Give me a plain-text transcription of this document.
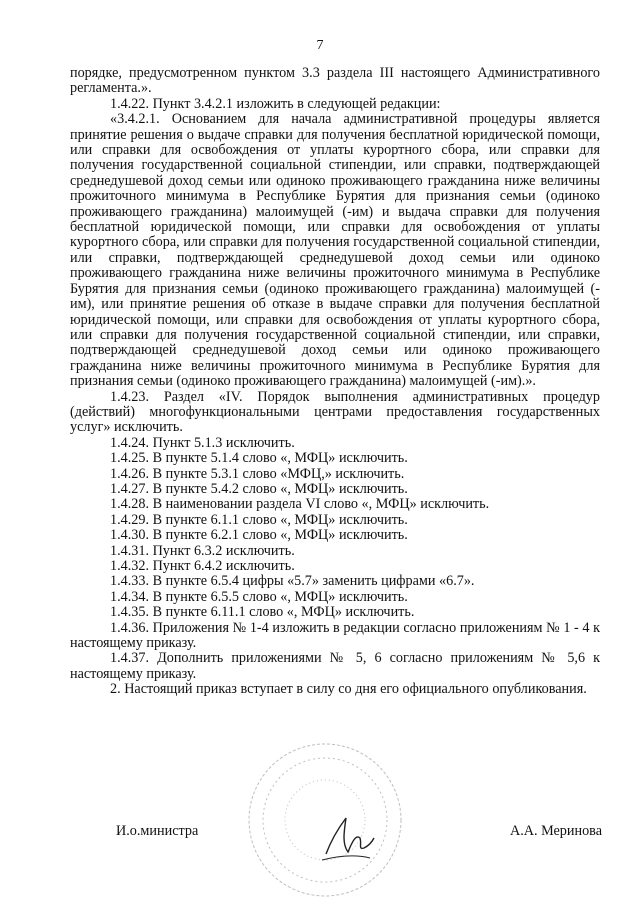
7

порядке, предусмотренном пунктом 3.3 раздела III настоящего Административного регламента.».

1.4.22. Пункт 3.4.2.1 изложить в следующей редакции:

«3.4.2.1. Основанием для начала административной процедуры является принятие решения о выдаче справки для получения бесплатной юридической помощи, или справки для освобождения от уплаты курортного сбора, или справки для получения государственной социальной стипендии, или справки, подтверждающей среднедушевой доход семьи или одиноко проживающего гражданина ниже величины прожиточного минимума в Республике Бурятия для признания семьи (одиноко проживающего гражданина) малоимущей (-им) и выдача справки для получения бесплатной юридической помощи, или справки для освобождения от уплаты курортного сбора, или справки для получения государственной социальной стипендии, или справки, подтверждающей среднедушевой доход семьи или одиноко проживающего гражданина ниже величины прожиточного минимума в Республике Бурятия для признания семьи (одиноко проживающего гражданина) малоимущей (-им), или принятие решения об отказе в выдаче справки для получения бесплатной юридической помощи, или справки для освобождения от уплаты курортного сбора, или справки для получения государственной социальной стипендии, или справки, подтверждающей среднедушевой доход семьи или одиноко проживающего гражданина ниже величины прожиточного минимума в Республике Бурятия для признания семьи (одиноко проживающего гражданина) малоимущей (-им).».

1.4.23. Раздел «IV. Порядок выполнения административных процедур (действий) многофункциональными центрами предоставления государственных услуг» исключить.

1.4.24. Пункт 5.1.3 исключить.

1.4.25. В пункте 5.1.4 слово «, МФЦ» исключить.

1.4.26. В пункте 5.3.1 слово «МФЦ,» исключить.

1.4.27. В пункте 5.4.2 слово «, МФЦ» исключить.

1.4.28. В наименовании раздела VI слово «, МФЦ» исключить.

1.4.29. В пункте 6.1.1 слово «, МФЦ» исключить.

1.4.30. В пункте 6.2.1 слово «, МФЦ» исключить.

1.4.31. Пункт 6.3.2 исключить.

1.4.32. Пункт 6.4.2 исключить.

1.4.33. В пункте 6.5.4 цифры «5.7» заменить цифрами «6.7».

1.4.34. В пункте 6.5.5 слово «, МФЦ» исключить.

1.4.35. В пункте 6.11.1 слово «, МФЦ» исключить.

1.4.36. Приложения № 1-4 изложить в редакции согласно приложениям № 1 - 4 к настоящему приказу.

1.4.37. Дополнить приложениями № 5, 6 согласно приложениям № 5,6 к настоящему приказу.

2. Настоящий приказ вступает в силу со дня его официального опубликования.

И.о.министра	А.А. Меринова
